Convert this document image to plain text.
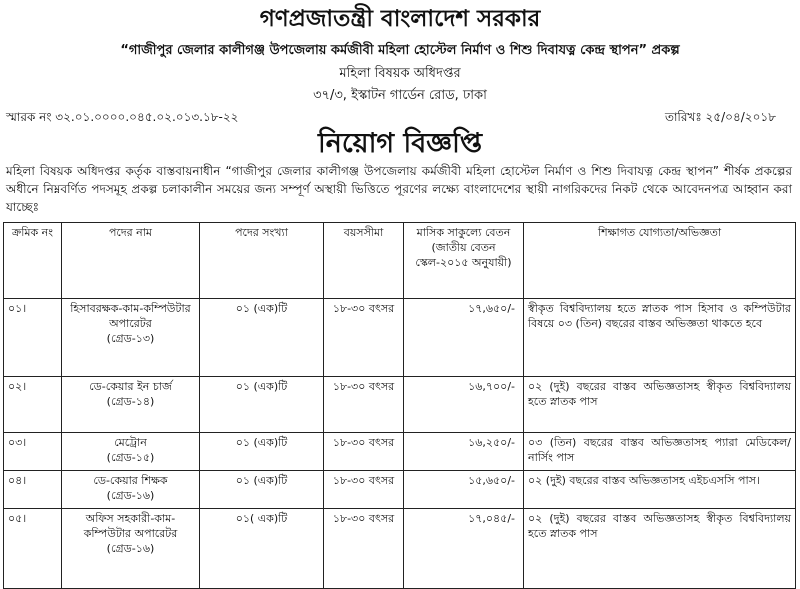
গণপ্রজাতন্ত্রী বাংলাদেশ সরকার
“গাজীপুর জেলার কালীগঞ্জ উপজেলায় কর্মজীবী মহিলা হোস্টেল নির্মাণ ও শিশু দিবাযত্ন কেন্দ্র স্থাপন” প্রকল্প
মহিলা বিষয়ক অধিদপ্তর
৩৭/৩, ইস্কাটন গার্ডেন রোড, ঢাকা
স্মারক নং ৩২.০১.০০০০.০৪৫.০২.০১৩.১৮-২২	তারিখঃ ২৫/০৪/২০১৮
নিয়োগ বিজ্ঞপ্তি
মহিলা বিষয়ক অধিদপ্তর কর্তৃক বাস্তবায়নাধীন “গাজীপুর জেলার কালীগঞ্জ উপজেলায় কর্মজীবী মহিলা হোস্টেল নির্মাণ ও শিশু দিবাযত্ন কেন্দ্র স্থাপন” শীর্ষক প্রকল্পের অধীনে নিম্নবর্ণিত পদসমূহ প্রকল্প চলাকালীন সময়ের জন্য সম্পূর্ণ অস্থায়ী ভিত্তিতে পূরণের লক্ষ্যে বাংলাদেশের স্থায়ী নাগরিকদের নিকট থেকে আবেদনপত্র আহ্বান করা যাচ্ছেঃ
ক্রমিক নং	পদের নাম	পদের সংখ্যা	বয়সসীমা	মাসিক সাকুল্যে বেতন (জাতীয় বেতন স্কেল-২০১৫ অনুযায়ী)	শিক্ষাগত যোগ্যতা/অভিজ্ঞতা
০১।	হিসাবরক্ষক-কাম-কম্পিউটার অপারেটর
(গ্রেড-১৩)	০১ (এক)টি	১৮-৩০ বৎসর	১৭,৬৫০/-	স্বীকৃত বিশ্ববিদ্যালয় হতে স্নাতক পাস হিসাব ও কম্পিউটার বিষয়ে ০৩ (তিন) বছরের বাস্তব অভিজ্ঞতা থাকতে হবে
০২।	ডে-কেয়ার ইন চার্জ
(গ্রেড-১৪)	০১ (এক)টি	১৮-৩০ বৎসর	১৬,৭০০/-	০২ (দুই) বছরের বাস্তব অভিজ্ঞতাসহ স্বীকৃত বিশ্ববিদ্যালয় হতে স্নাতক পাস
০৩।	মেট্রোন
(গ্রেড-১৫)	০১ (এক)টি	১৮-৩০ বৎসর	১৬,২৫০/-	০৩ (তিন) বছরের বাস্তব অভিজ্ঞতাসহ প্যারা মেডিকেল/নার্সিং পাস
০৪।	ডে-কেয়ার শিক্ষক
(গ্রেড-১৬)	০১ (এক)টি	১৮-৩০ বৎসর	১৫,৬৫০/-	০২ (দুই) বছরের বাস্তব অভিজ্ঞতাসহ এইচএসসি পাস।
০৫।	অফিস সহকারী-কাম-কম্পিউটার অপারেটর
(গ্রেড-১৬)	০১( এক)টি	১৮-৩০ বৎসর	১৭,০৪৫/-	০২ (দুই) বছরের বাস্তব অভিজ্ঞতাসহ স্বীকৃত বিশ্ববিদ্যালয় হতে স্নাতক পাস
